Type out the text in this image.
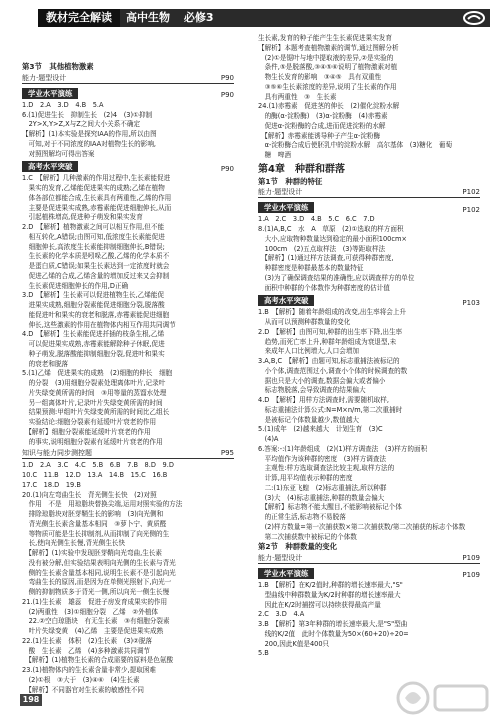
教材完全解读	高中生物 必修3
第3节　其他植物激素
能力·题型设计	P90
学业水平演练	P90
1.D　2.A　3.D　4.B　5.A
6.(1)促进生长　抑制生长　(2)4　(3)①抑制
　2Y>X,Y>Z,X与Z之间大小关系不确定
【解析】(1)本实验是探究IAA的作用,所以由图
　可知,对于不同浓度的IAA对植物生长的影响,
　对照图解均可得出答案
高考水平突破	P90
1.C　【解析】几种激素的作用过程中,生长素能促进
　果实的发育,乙烯能促进果实的成熟;乙烯在植物
　体各部位都能合成,生长素具有两重性,乙烯的作用
　主要是促进果实成熟,赤霉素能促进细胞伸长,从而
　引起植株增高,促进种子萌发和果实发育
2.D　【解析】植物激素之间可以相互作用,但不能
　相互转化,A错误;由图可知,低浓度生长素能促进
　细胞伸长,高浓度生长素能抑制细胞伸长,B错误;
　生长素的化学本质是吲哚乙酸,乙烯的化学本质不
　是蛋白质,C错误;如果生长素达到一定浓度时就会
　促进乙烯的合成,乙烯含量的增加反过来又会抑制
　生长素促进细胞伸长的作用,D正确
3.D　【解析】生长素可以促进植物生长,乙烯能促
　进果实成熟,细胞分裂素能促进细胞分裂,脱落酸
　能促进叶和果实的衰老和脱落,赤霉素能促进细胞
　伸长,这些激素的作用在植物体内相互作用共同调节
4.D　【解析】生长素能促进扦插的枝条生根,乙烯
　可以促进果实成熟,赤霉素能解除种子休眠,促进
　种子萌发,脱落酸能抑制细胞分裂,促进叶和果实
　的衰老和脱落
5.(1)乙烯　促进果实的成熟　(2)细胞的伸长　细胞
　的分裂　(3)用细胞分裂素处理离体叶片,记录叶
　片失绿变黄所需的时间　③用等量的蒸馏水处理
　另一组离体叶片,记录叶片失绿变黄所需的时间
　结果预测:甲组叶片失绿变黄所需的时间比乙组长
　实验结论:细胞分裂素有延缓叶片衰老的作用
　【解析】细胞分裂素能延缓叶片衰老的作用
　的事实,说明细胞分裂素有延缓叶片衰老的作用
知识与能力同步测控题	P95
1.D　2.A　3.C　4.C　5.B　6.B　7.B　8.D　9.D
10.C　11.B　12.D　13.A　14.B　15.C　16.B
17.C　18.D　19.B
20.(1)向左弯曲生长　背光侧生长快　(2)对照
　作用　不是　用琼脂块替换尖端,运用对照实验的方法
　排除琼脂块对胚芽鞘生长的影响　(3)向光侧和
　背光侧生长素含量基本相同　③萝卜宁、黄质醛
　等物质可能是生长抑制剂,从而抑制了向光侧的生
　长,使向光侧生长慢,背光侧生长快
　【解析】(1)实验中发现胚芽鞘向光弯曲,生长素
　没有被分解,但实验结果表明向光侧的生长素与背光
　侧的生长素含量基本相同,说明生长素不是引起向光
　弯曲生长的原因,而是因为在单侧光照射下,向光一
　侧的抑制物质多于背光一侧,所以向光一侧生长慢
21.(1)生长素　雄蕊　促进子房发育成果实的作用
　(2)两重性　(3)①细胞分裂　乙烯　②外植体
　22.②空白琼脂块　有无生长素　③有细胞分裂素
　叶片失绿变黄　(4)乙烯　主要是促进果实成熟
22.(1)生长素　体积　(2)生长素　(3)②脱落
　酸　生长素　乙烯　(4)多种激素共同调节
　【解析】(1)植物生长素的合成需要的原料是色氨酸
23.(1)植物体内的生长素含量非常少,提取困难
　(2)①根　③大于　(3)④⑥　(4)生长素
　【解析】不同器官对生长素的敏感性不同
生长素,发育的种子能产生生长素促进果实发育
【解析】本题考查植物激素的调节,通过图解分析
　(2)①是锯叶与地中提取液的差异,②是实验的
　条件,⑤是脱落酸,③④⑤⑥说明了植物激素对植
　物生长发育的影响　③④⑤　具有双重性
　③⑤⑥生长素浓度的差异,说明了生长素的作用
　具有两重性　③　生长素
24.(1)赤霉素　促进茎的伸长　(2)催化淀粉水解
　的酶(α-淀粉酶)　(3)α-淀粉酶　(4)赤霉素
　促进α-淀粉酶的合成,进而促进淀粉的水解
　【解析】赤霉素能诱导种子产生α-淀粉酶
　α-淀粉酶合成后使胚乳中的淀粉水解　高尔基体　(3)糖化　葡萄
　糖　啤酒
第4章　种群和群落
第1节　种群的特征
能力·题型设计	P102
学业水平演练	P102
1.A　2.C　3.D　4.B　5.C　6.C　7.D
8.(1)A,B,C　水　A　草原　(2)①选取的样方面积
　大小,应取物种数量达到稳定的最小面积100cm×
　100cm　(2)五点取样法　(3)等距取样法
　【解析】(1)通过样方法调查,可获得种群密度,
　种群密度是种群最基本的数量特征
　(3)为了确保调查结果的准确性,应以调查样方的单位
　面积中种群的个体数作为种群密度的估计值
高考水平突破	P103
1.B　【解析】随着年龄组成的改变,出生率将会上升
　从而可以预测种群数量的变化
2.D　【解析】由图可知,种群的出生率下降,出生率
　趋势,而死亡率上升,种群年龄组成为衰退型,未
　来成年人口比例增大,人口会增加
3.A,B,C　【解析】由题可知,标志重捕法被标记的
　小个体,调查范围过小,调查小个体的时候调查的数
　据也只是大小的调查,数据会偏大或者偏小
　标志物脱落,会导致调查的结果偏大
4.D　【解析】用样方法调查时,需要随机取样,
　标志重捕法计算公式:N=M×n/m,第二次重捕时
　是被标记个体数量越少,数值越大
5.(1)成年　(2)越来越大　计划生育　(3)C
　(4)A
6.答案:-:(1)年龄组成　(2)(1)样方调查法　(3)样方的面积
　平均值作为该种群的密度　(3)样方调查法
　主观性:样方选取调查法比较主观,取样方法的
　计算,用平均值表示种群的密度
　二:(1)东亚飞蝗　(2)标志重捕法,所以种群
　(3)大　(4)标志重捕法,种群的数量会偏大
　【解析】标志物不能太醒目,不能影响被标记个体
　的正常生活,标志物不易脱落
　(2)样方数量=第一次捕获数×第二次捕获数/第二次捕获的标志个体数
　第二次捕获数中被标记的个体数
第2节　种群数量的变化
能力·题型设计	P109
学业水平演练	P109
1.B　【解析】在K/2值时,种群的增长速率最大,"S"
　型曲线中种群数量为K/2时种群的增长速率最大
　因此在K/2时捕捞可以持续获得最高产量
2.C　3.D　4.A
3.B　【解析】第3年种群的增长速率最大,是"S"型曲
　线的K/2值　此时个体数量为50×(60+20)÷20=
　200,因此K值是400只
5.B
198
